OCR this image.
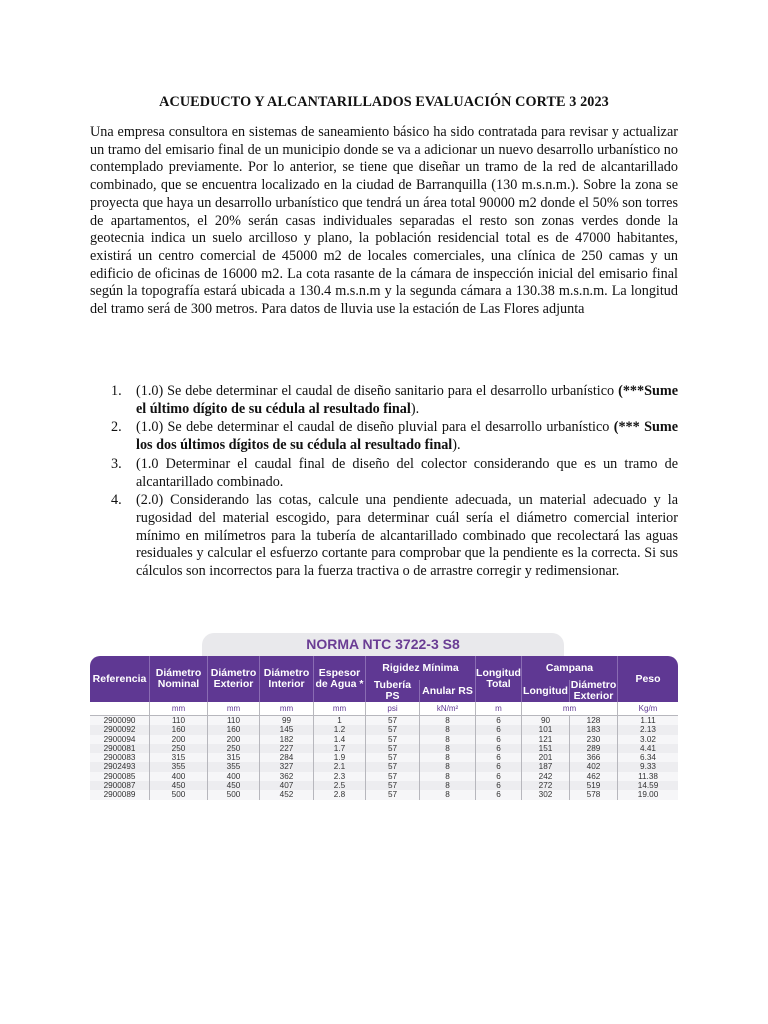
ACUEDUCTO Y ALCANTARILLADOS EVALUACIÓN CORTE 3 2023
Una empresa consultora en sistemas de saneamiento básico ha sido contratada para revisar y actualizar un tramo del emisario final de un municipio donde se va a adicionar un nuevo desarrollo urbanístico no contemplado previamente. Por lo anterior, se tiene que diseñar un tramo de la red de alcantarillado combinado, que se encuentra localizado en la ciudad de Barranquilla (130 m.s.n.m.). Sobre la zona se proyecta que haya un desarrollo urbanístico que tendrá un área total 90000 m2 donde el 50% son torres de apartamentos, el 20% serán casas individuales separadas el resto son zonas verdes donde la geotecnia indica un suelo arcilloso y plano, la población residencial total es de 47000 habitantes, existirá un centro comercial de 45000 m2 de locales comerciales, una clínica de 250 camas y un edificio de oficinas de 16000 m2. La cota rasante de la cámara de inspección inicial del emisario final según la topografía estará ubicada a 130.4 m.s.n.m y la segunda cámara a 130.38 m.s.n.m. La longitud del tramo será de 300 metros. Para datos de lluvia use la estación de Las Flores adjunta
1. (1.0) Se debe determinar el caudal de diseño sanitario para el desarrollo urbanístico (***Sume el último dígito de su cédula al resultado final).
2. (1.0) Se debe determinar el caudal de diseño pluvial para el desarrollo urbanístico (*** Sume los dos últimos dígitos de su cédula al resultado final).
3. (1.0 Determinar el caudal final de diseño del colector considerando que es un tramo de alcantarillado combinado.
4. (2.0) Considerando las cotas, calcule una pendiente adecuada, un material adecuado y la rugosidad del material escogido, para determinar cuál sería el diámetro comercial interior mínimo en milímetros para la tubería de alcantarillado combinado que recolectará las aguas residuales y calcular el esfuerzo cortante para comprobar que la pendiente es la correcta. Si sus cálculos son incorrectos para la fuerza tractiva o de arrastre corregir y redimensionar.
NORMA NTC 3722-3 S8
Referencia	Diámetro Nominal	Diámetro Exterior	Diámetro Interior	Espesor de Agua *	Rigidez Mínima		Longitud Total	Campana		Peso
					Tubería PS	Anular RS		Longitud	Diámetro Exterior	
	mm	mm	mm	mm	psi	kN/m²	m	mm		Kg/m
2900090	110	110	99	1	57	8	6	90	128	1.11
2900092	160	160	145	1.2	57	8	6	101	183	2.13
2900094	200	200	182	1.4	57	8	6	121	230	3.02
2900081	250	250	227	1.7	57	8	6	151	289	4.41
2900083	315	315	284	1.9	57	8	6	201	366	6.34
2902493	355	355	327	2.1	57	8	6	187	402	9.33
2900085	400	400	362	2.3	57	8	6	242	462	11.38
2900087	450	450	407	2.5	57	8	6	272	519	14.59
2900089	500	500	452	2.8	57	8	6	302	578	19.00
